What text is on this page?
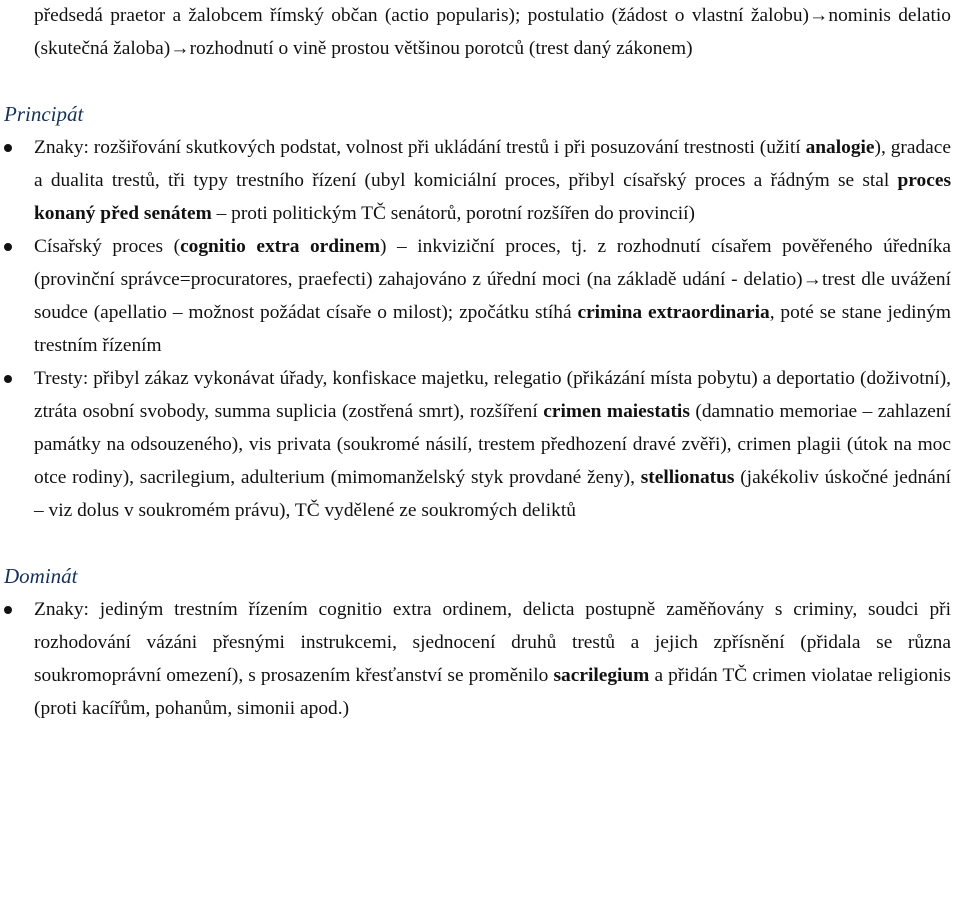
předsedá praetor a žalobcem římský občan (actio popularis); postulatio (žádost o vlastní žalobu)→nominis delatio (skutečná žaloba)→rozhodnutí o vině prostou většinou porotců (trest daný zákonem)

Principát
Znaky: rozšiřování skutkových podstat, volnost při ukládání trestů i při posuzování trestnosti (užití analogie), gradace a dualita trestů, tři typy trestního řízení (ubyl komiciální proces, přibyl císařský proces a řádným se stal proces konaný před senátem – proti politickým TČ senátorů, porotní rozšířen do provincií)
Císařský proces (cognitio extra ordinem) – inkviziční proces, tj. z rozhodnutí císařem pověřeného úředníka (provinční správce=procuratores, praefecti) zahajováno z úřední moci (na základě udání - delatio)→trest dle uvážení soudce (apellatio – možnost požádat císaře o milost); zpočátku stíhá crimina extraordinaria, poté se stane jediným trestním řízením
Tresty: přibyl zákaz vykonávat úřady, konfiskace majetku, relegatio (přikázání místa pobytu) a deportatio (doživotní), ztráta osobní svobody, summa suplicia (zostřená smrt), rozšíření crimen maiestatis (damnatio memoriae – zahlazení památky na odsouzeného), vis privata (soukromé násilí, trestem předhození dravé zvěři), crimen plagii (útok na moc otce rodiny), sacrilegium, adulterium (mimomanželský styk provdané ženy), stellionatus (jakékoliv úskočné jednání – viz dolus v soukromém právu), TČ vydělené ze soukromých deliktů
Dominát
Znaky: jediným trestním řízením cognitio extra ordinem, delicta postupně zaměňovány s criminy, soudci při rozhodování vázáni přesnými instrukcemi, sjednocení druhů trestů a jejich zpřísnění (přidala se různa soukromoprávní omezení), s prosazením křesťanství se proměnilo sacrilegium a přidán TČ crimen violatae religionis (proti kacířům, pohanům, simonii apod.)
